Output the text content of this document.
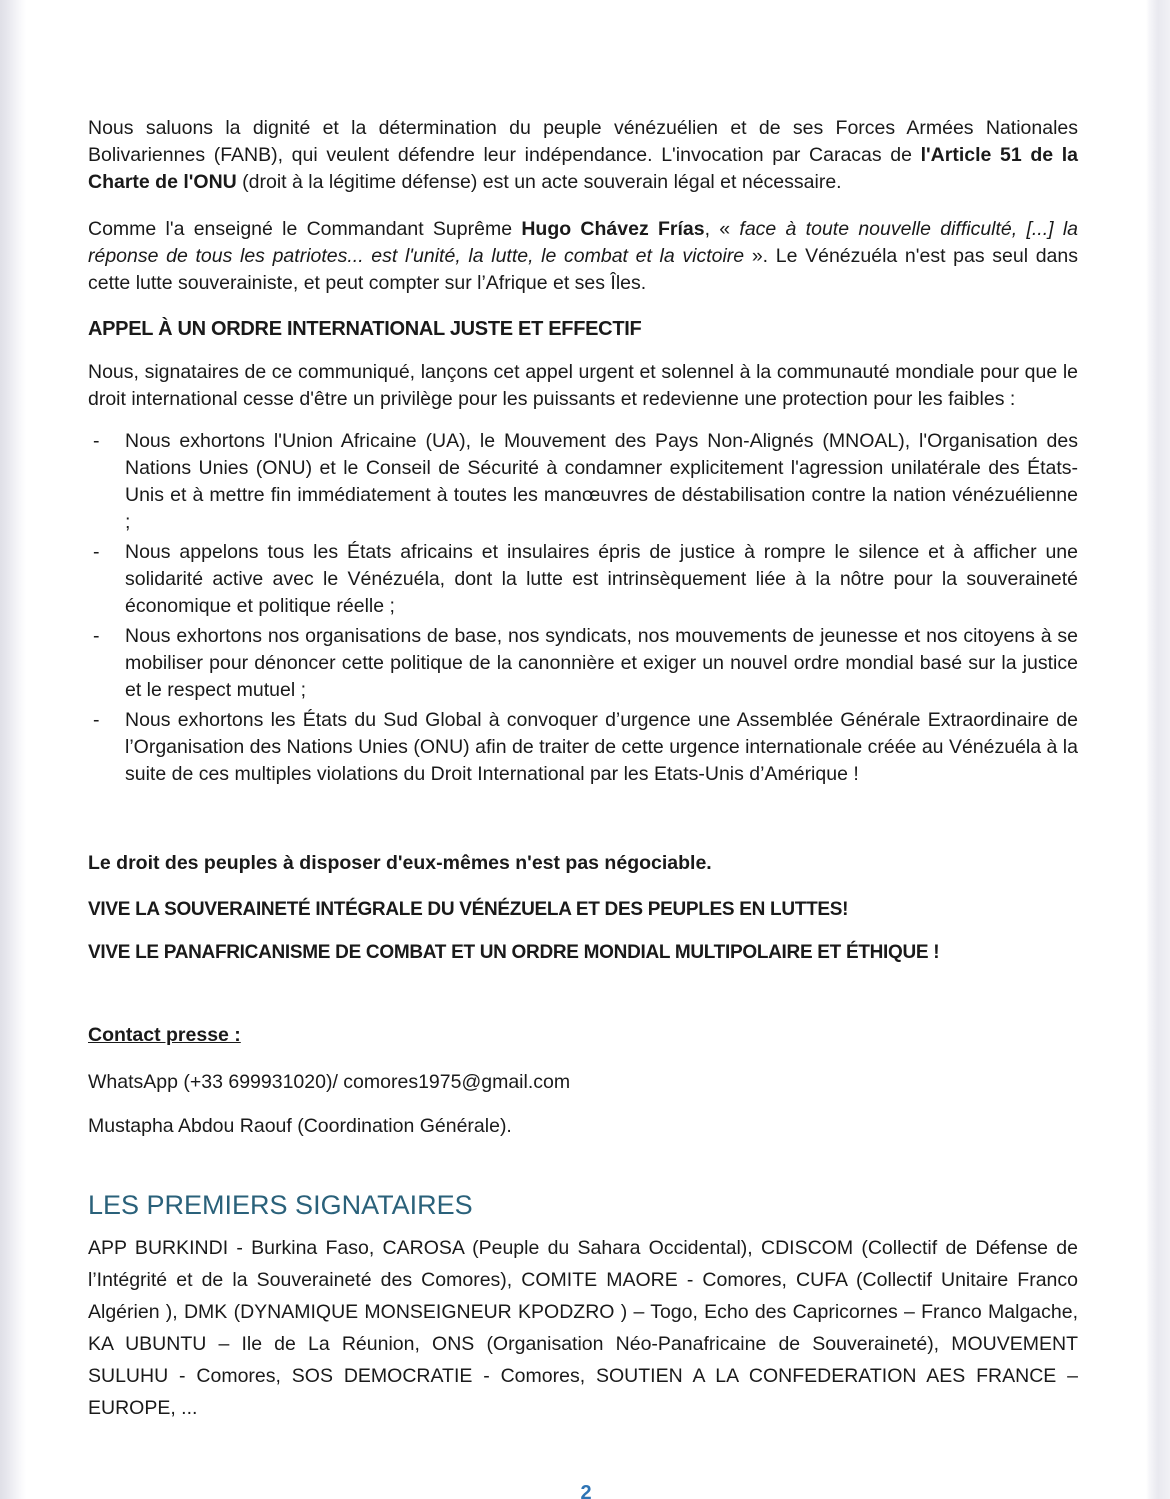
Nous saluons la dignité et la détermination du peuple vénézuélien et de ses Forces Armées Nationales Bolivariennes (FANB), qui veulent défendre leur indépendance. L'invocation par Caracas de l'Article 51 de la Charte de l'ONU (droit à la légitime défense) est un acte souverain légal et nécessaire.

Comme l'a enseigné le Commandant Suprême Hugo Chávez Frías, « face à toute nouvelle difficulté, [...] la réponse de tous les patriotes... est l'unité, la lutte, le combat et la victoire ». Le Vénézuéla n'est pas seul dans cette lutte souverainiste, et peut compter sur l’Afrique et ses Îles.

APPEL À UN ORDRE INTERNATIONAL JUSTE ET EFFECTIF

Nous, signataires de ce communiqué, lançons cet appel urgent et solennel à la communauté mondiale pour que le droit international cesse d'être un privilège pour les puissants et redevienne une protection pour les faibles :

-	Nous exhortons l'Union Africaine (UA), le Mouvement des Pays Non-Alignés (MNOAL), l'Organisation des Nations Unies (ONU) et le Conseil de Sécurité à condamner explicitement l'agression unilatérale des États-Unis et à mettre fin immédiatement à toutes les manœuvres de déstabilisation contre la nation vénézuélienne ;
-	Nous appelons tous les États africains et insulaires épris de justice à rompre le silence et à afficher une solidarité active avec le Vénézuéla, dont la lutte est intrinsèquement liée à la nôtre pour la souveraineté économique et politique réelle ;
-	Nous exhortons nos organisations de base, nos syndicats, nos mouvements de jeunesse et nos citoyens à se mobiliser pour dénoncer cette politique de la canonnière et exiger un nouvel ordre mondial basé sur la justice et le respect mutuel ;
-	Nous exhortons les États du Sud Global à convoquer d’urgence une Assemblée Générale Extraordinaire de l’Organisation des Nations Unies (ONU) afin de traiter de cette urgence internationale créée au Vénézuéla à la suite de ces multiples violations du Droit International par les Etats-Unis d’Amérique !

Le droit des peuples à disposer d'eux-mêmes n'est pas négociable.

VIVE LA SOUVERAINETÉ INTÉGRALE DU VÉNÉZUELA ET DES PEUPLES EN LUTTES!

VIVE LE PANAFRICANISME DE COMBAT ET UN ORDRE MONDIAL MULTIPOLAIRE ET ÉTHIQUE !

Contact presse :

WhatsApp (+33 699931020)/ comores1975@gmail.com

Mustapha Abdou Raouf (Coordination Générale).

LES PREMIERS SIGNATAIRES

APP BURKINDI - Burkina Faso, CAROSA (Peuple du Sahara Occidental), CDISCOM (Collectif de Défense de l’Intégrité et de la Souveraineté des Comores), COMITE MAORE - Comores, CUFA (Collectif Unitaire Franco Algérien ), DMK (DYNAMIQUE MONSEIGNEUR KPODZRO ) – Togo, Echo des Capricornes – Franco Malgache, KA UBUNTU – Ile de La Réunion, ONS (Organisation Néo-Panafricaine de Souveraineté), MOUVEMENT SULUHU - Comores, SOS DEMOCRATIE - Comores, SOUTIEN A LA CONFEDERATION AES FRANCE – EUROPE, ...

2
